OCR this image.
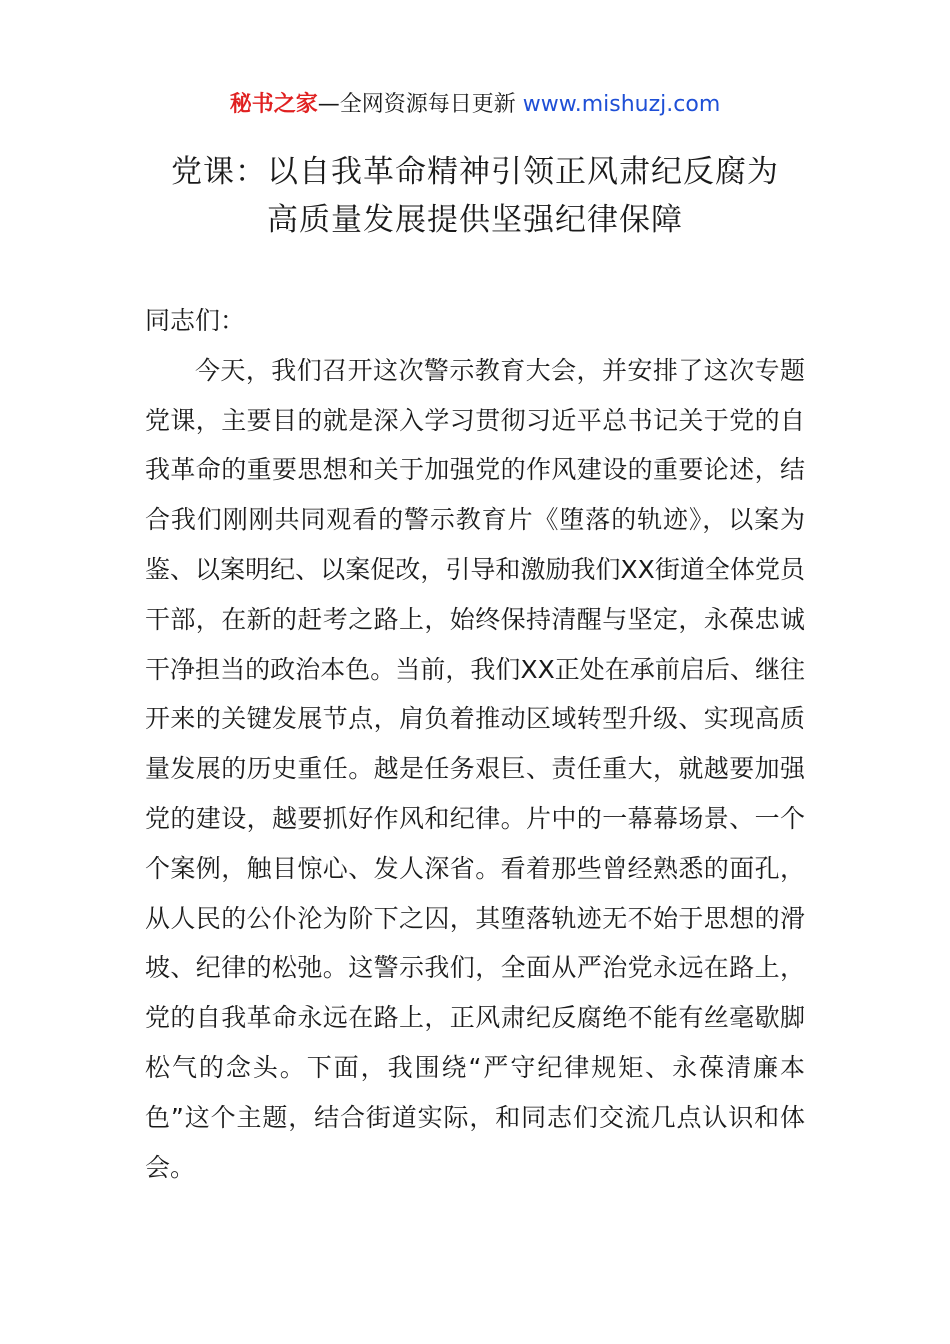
秘书之家—全网资源每日更新 www.mishuzj.com
党课：以自我革命精神引领正风肃纪反腐为
高质量发展提供坚强纪律保障

同志们：

今天，我们召开这次警示教育大会，并安排了这次专题党课，主要目的就是深入学习贯彻习近平总书记关于党的自我革命的重要思想和关于加强党的作风建设的重要论述，结合我们刚刚共同观看的警示教育片《堕落的轨迹》，以案为鉴、以案明纪、以案促改，引导和激励我们XX街道全体党员干部，在新的赶考之路上，始终保持清醒与坚定，永葆忠诚干净担当的政治本色。当前，我们XX正处在承前启后、继往开来的关键发展节点，肩负着推动区域转型升级、实现高质量发展的历史重任。越是任务艰巨、责任重大，就越要加强党的建设，越要抓好作风和纪律。片中的一幕幕场景、一个个案例，触目惊心、发人深省。看着那些曾经熟悉的面孔，从人民的公仆沦为阶下之囚，其堕落轨迹无不始于思想的滑坡、纪律的松弛。这警示我们，全面从严治党永远在路上，党的自我革命永远在路上，正风肃纪反腐绝不能有丝毫歇脚松气的念头。下面，我围绕“严守纪律规矩、永葆清廉本色”这个主题，结合街道实际，和同志们交流几点认识和体会。
